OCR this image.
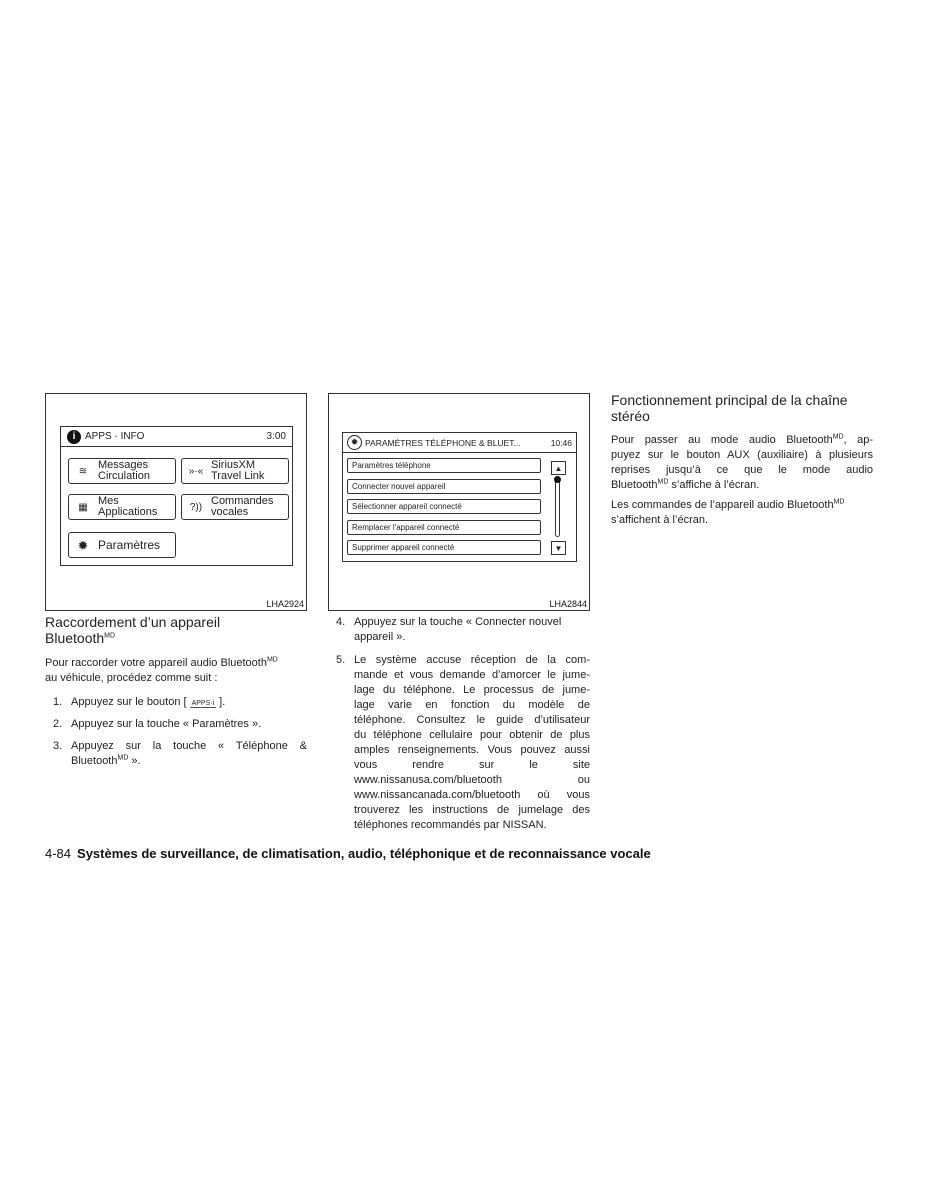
i APPS · INFO	3:00
≋ Messages
Circulation	»·« SiriusXM
Travel Link
▦ Mes
Applications	?)) Commandes
vocales
✹ Paramètres
LHA2924
✹ PARAMÈTRES TÉLÉPHONE & BLUET...	10:46
Paramètres téléphone
Connecter nouvel appareil
Sélectionner appareil connecté
Remplacer l'appareil connecté
Supprimer appareil connecté
▲
▼
LHA2844
Raccordement d’un appareil
Bluetooth$^{MD}$
Pour raccorder votre appareil audio Bluetooth$^{MD}$
au véhicule, procédez comme suit :
1. Appuyez sur le bouton [ APPS·i ].
2. Appuyez sur la touche « Paramètres ».
3. Appuyez sur la touche « Téléphone &
Bluetooth$^{MD}$ ».
4. Appuyez sur la touche « Connecter nouvel
appareil ».
5. Le système accuse réception de la com-
mande et vous demande d’amorcer le jume-
lage du téléphone. Le processus de jume-
lage varie en fonction du modèle de
téléphone. Consultez le guide d’utilisateur
du téléphone cellulaire pour obtenir de plus
amples renseignements. Vous pouvez aussi
vous rendre sur le site
www.nissanusa.com/bluetooth ou
www.nissancanada.com/bluetooth où vous
trouverez les instructions de jumelage des
téléphones recommandés par NISSAN.
Fonctionnement principal de la chaîne
stéréo
Pour passer au mode audio Bluetooth$^{MD}$, ap-
puyez sur le bouton AUX (auxiliaire) à plusieurs
reprises jusqu’à ce que le mode audio
Bluetooth$^{MD}$ s’affiche à l’écran.
Les commandes de l’appareil audio Bluetooth$^{MD}$
s’affichent à l’écran.
4-84 Systèmes de surveillance, de climatisation, audio, téléphonique et de reconnaissance vocale
